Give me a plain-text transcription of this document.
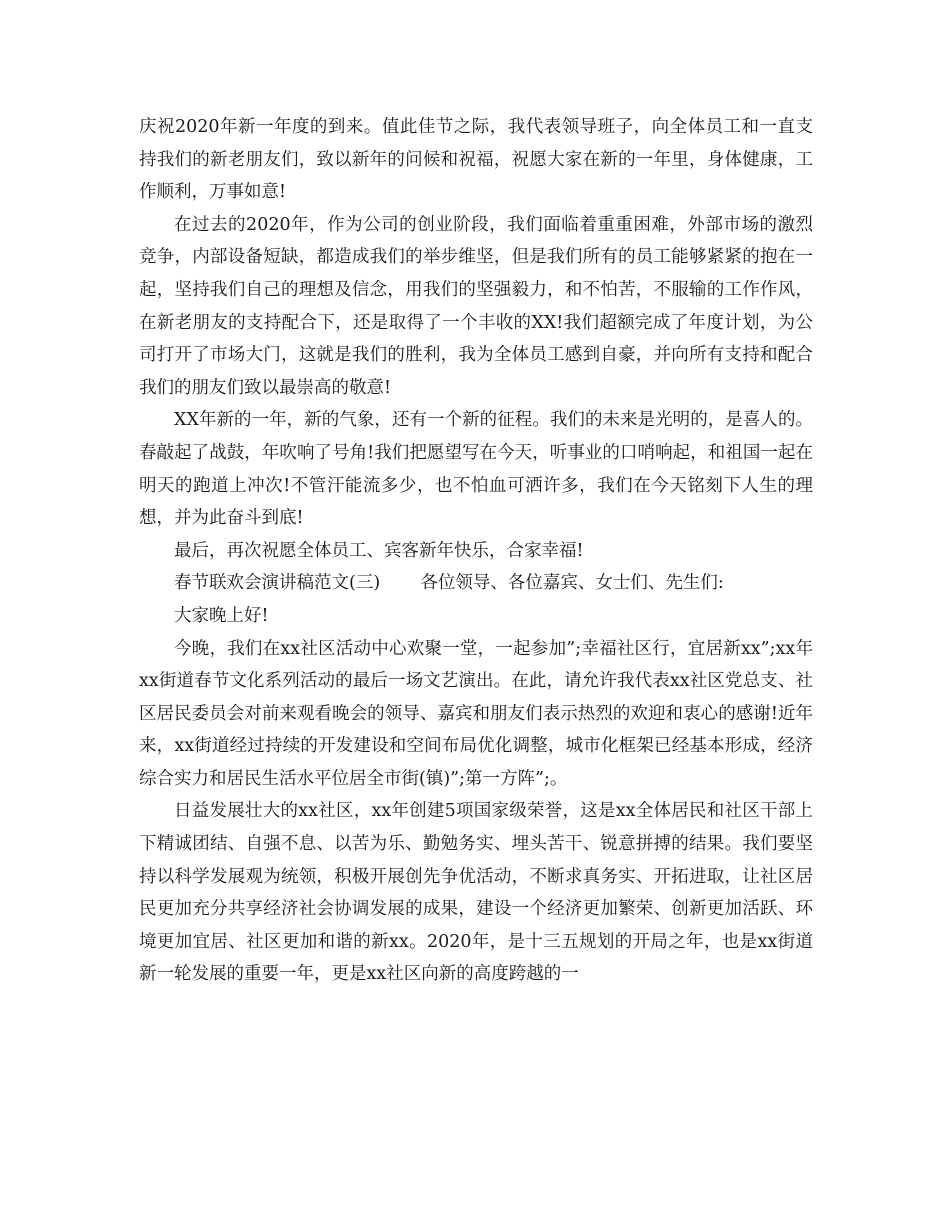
庆祝2020年新一年度的到来。值此佳节之际，我代表领导班子，向全体员工和一直支持我们的新老朋友们，致以新年的问候和祝福，祝愿大家在新的一年里，身体健康，工作顺利，万事如意!

在过去的2020年，作为公司的创业阶段，我们面临着重重困难，外部市场的激烈竞争，内部设备短缺，都造成我们的举步维坚，但是我们所有的员工能够紧紧的抱在一起，坚持我们自己的理想及信念，用我们的坚强毅力，和不怕苦，不服输的工作作风，在新老朋友的支持配合下，还是取得了一个丰收的XX!我们超额完成了年度计划，为公司打开了市场大门，这就是我们的胜利，我为全体员工感到自豪，并向所有支持和配合我们的朋友们致以最崇高的敬意!

XX年新的一年，新的气象，还有一个新的征程。我们的未来是光明的，是喜人的。春敲起了战鼓，年吹响了号角!我们把愿望写在今天，听事业的口哨响起，和祖国一起在明天的跑道上冲次!不管汗能流多少，也不怕血可洒许多，我们在今天铭刻下人生的理想，并为此奋斗到底!

最后，再次祝愿全体员工、宾客新年快乐，合家幸福!

春节联欢会演讲稿范文(三) 各位领导、各位嘉宾、女士们、先生们:

大家晚上好!

今晚，我们在xx社区活动中心欢聚一堂，一起参加”;幸福社区行，宜居新xx”;xx年xx街道春节文化系列活动的最后一场文艺演出。在此，请允许我代表xx社区党总支、社区居民委员会对前来观看晚会的领导、嘉宾和朋友们表示热烈的欢迎和衷心的感谢!近年来，xx街道经过持续的开发建设和空间布局优化调整，城市化框架已经基本形成，经济综合实力和居民生活水平位居全市街(镇)”;第一方阵”;。

日益发展壮大的xx社区，xx年创建5项国家级荣誉，这是xx全体居民和社区干部上下精诚团结、自强不息、以苦为乐、勤勉务实、埋头苦干、锐意拼搏的结果。我们要坚持以科学发展观为统领，积极开展创先争优活动，不断求真务实、开拓进取，让社区居民更加充分共享经济社会协调发展的成果，建设一个经济更加繁荣、创新更加活跃、环境更加宜居、社区更加和谐的新xx。2020年，是十三五规划的开局之年，也是xx街道新一轮发展的重要一年，更是xx社区向新的高度跨越的一
